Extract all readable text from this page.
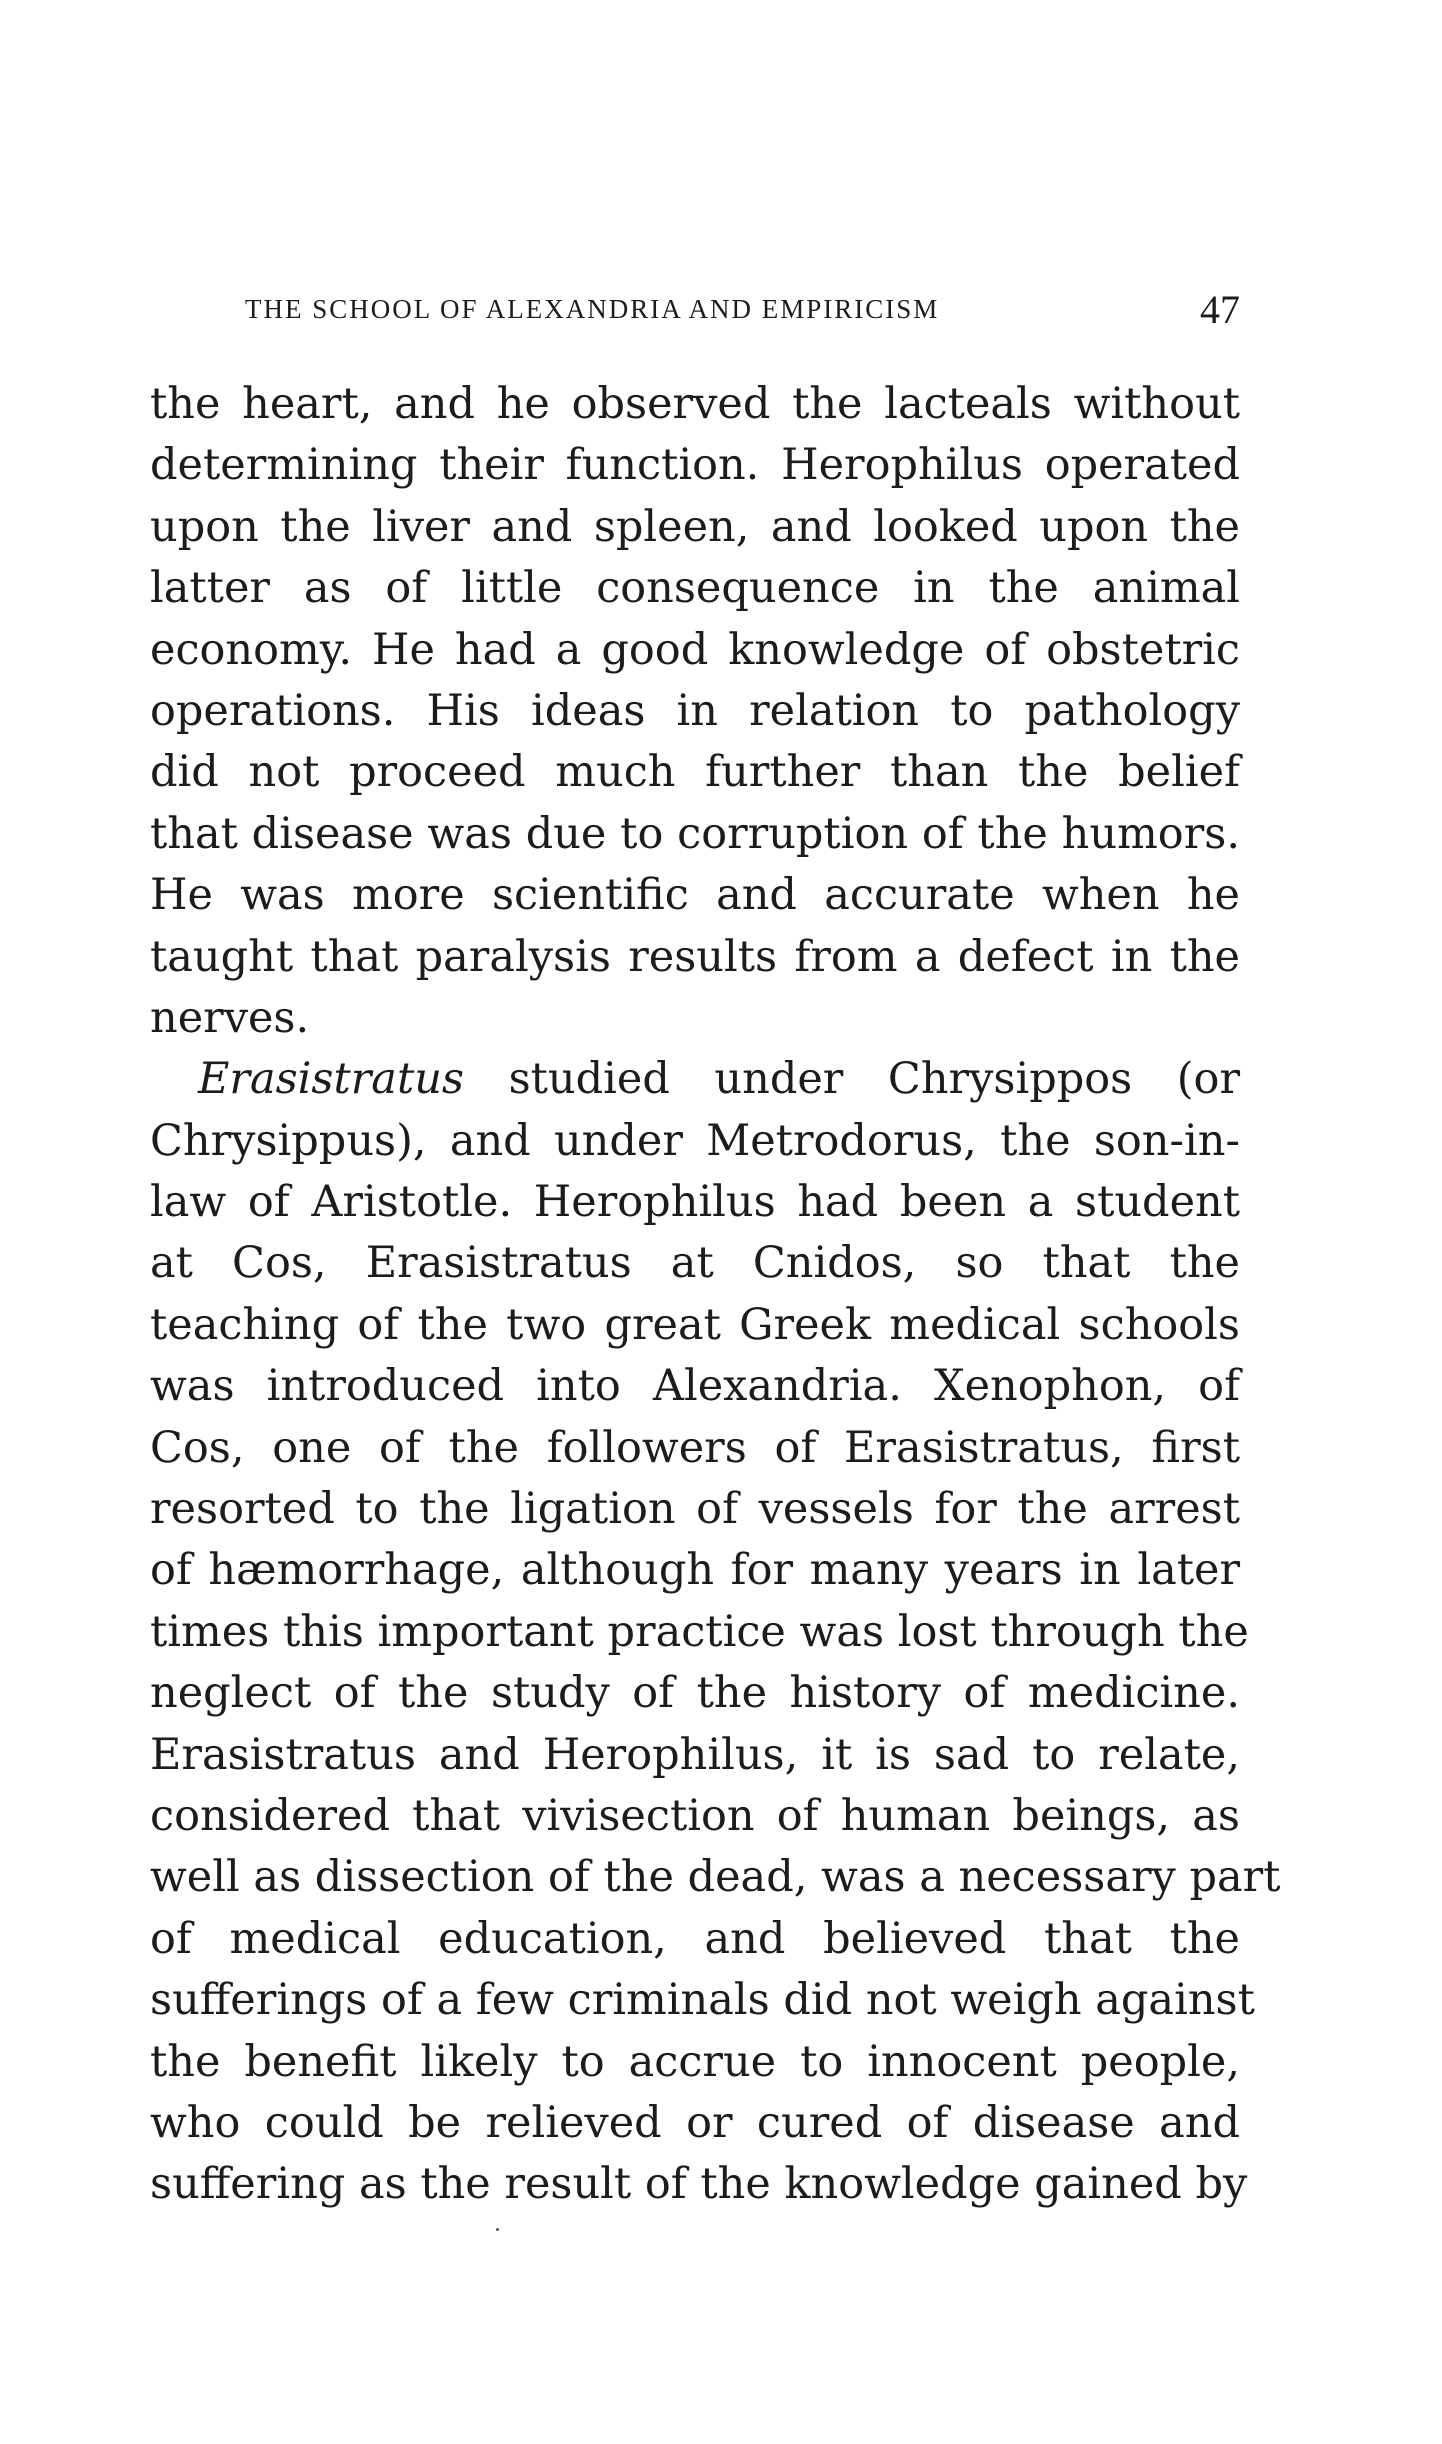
THE SCHOOL OF ALEXANDRIA AND EMPIRICISM	47
the heart, and he observed the lacteals without
determining their function. Herophilus operated
upon the liver and spleen, and looked upon the
latter as of little consequence in the animal
economy. He had a good knowledge of obstetric
operations. His ideas in relation to pathology
did not proceed much further than the belief
that disease was due to corruption of the humors.
He was more scientific and accurate when he
taught that paralysis results from a defect in the
nerves.
Erasistratus studied under Chrysippos (or
Chrysippus), and under Metrodorus, the son-in-
law of Aristotle. Herophilus had been a student
at Cos, Erasistratus at Cnidos, so that the
teaching of the two great Greek medical schools
was introduced into Alexandria. Xenophon, of
Cos, one of the followers of Erasistratus, first
resorted to the ligation of vessels for the arrest
of hæmorrhage, although for many years in later
times this important practice was lost through the
neglect of the study of the history of medicine.
Erasistratus and Herophilus, it is sad to relate,
considered that vivisection of human beings, as
well as dissection of the dead, was a necessary part
of medical education, and believed that the
sufferings of a few criminals did not weigh against
the benefit likely to accrue to innocent people,
who could be relieved or cured of disease and
suffering as the result of the knowledge gained by
